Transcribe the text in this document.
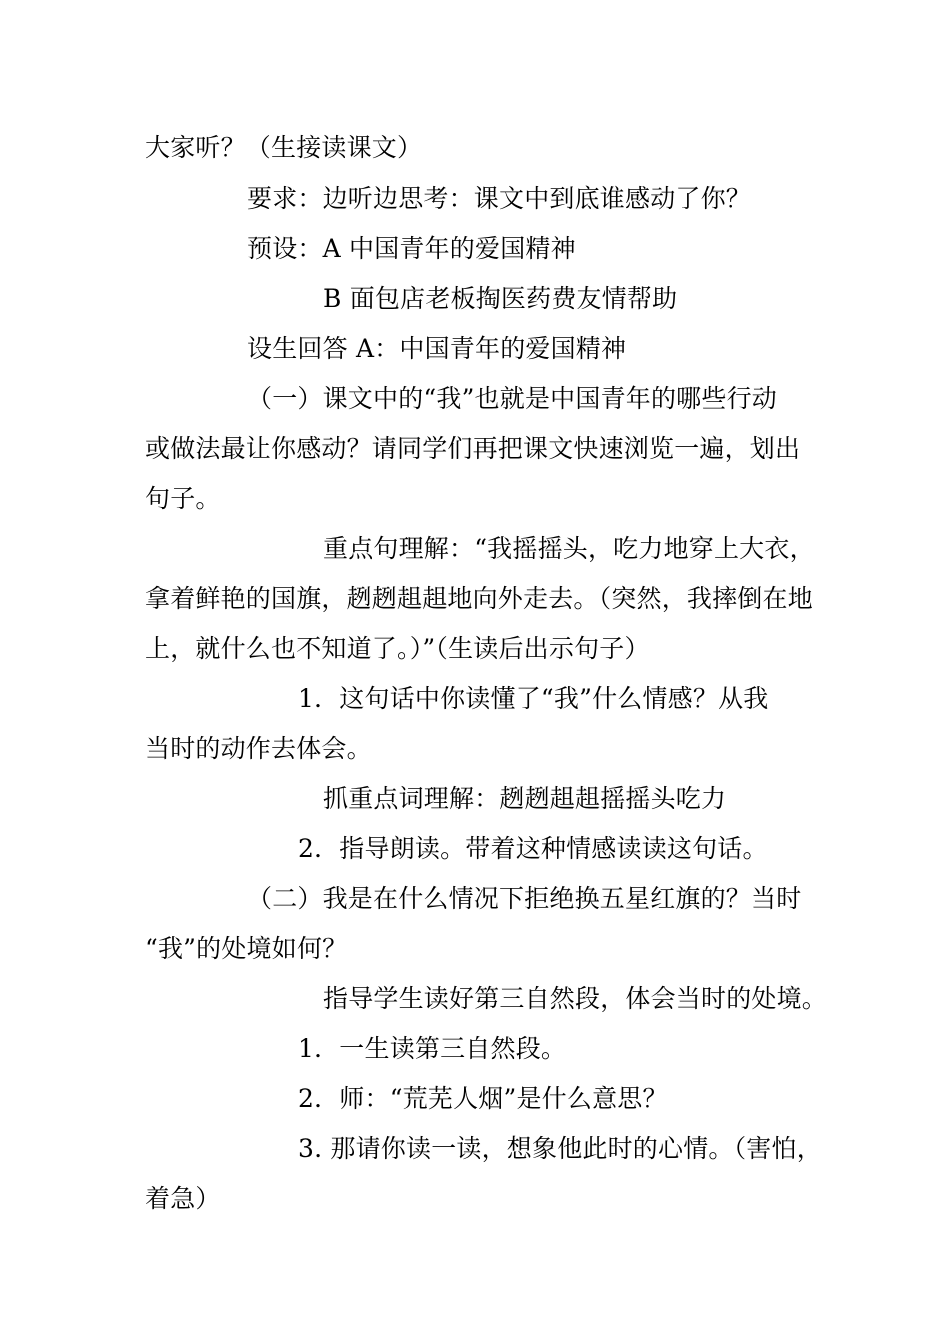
大家听？（生接读课文）
要求：边听边思考：课文中到底谁感动了你？
预设：A 中国青年的爱国精神
B 面包店老板掏医药费友情帮助
设生回答 A：中国青年的爱国精神
（一）课文中的“我”也就是中国青年的哪些行动
或做法最让你感动？请同学们再把课文快速浏览一遍，划出
句子。
重点句理解：“我摇摇头，吃力地穿上大衣，
拿着鲜艳的国旗，趔趔趄趄地向外走去。（突然，我摔倒在地
上，就什么也不知道了。）”（生读后出示句子）
1．这句话中你读懂了“我”什么情感？从我
当时的动作去体会。
抓重点词理解：趔趔趄趄摇摇头吃力
2．指导朗读。带着这种情感读读这句话。
（二）我是在什么情况下拒绝换五星红旗的？当时
“我”的处境如何？
指导学生读好第三自然段，体会当时的处境。
1．一生读第三自然段。
2．师：“荒芜人烟”是什么意思？
3. 那请你读一读，想象他此时的心情。（害怕，
着急）
